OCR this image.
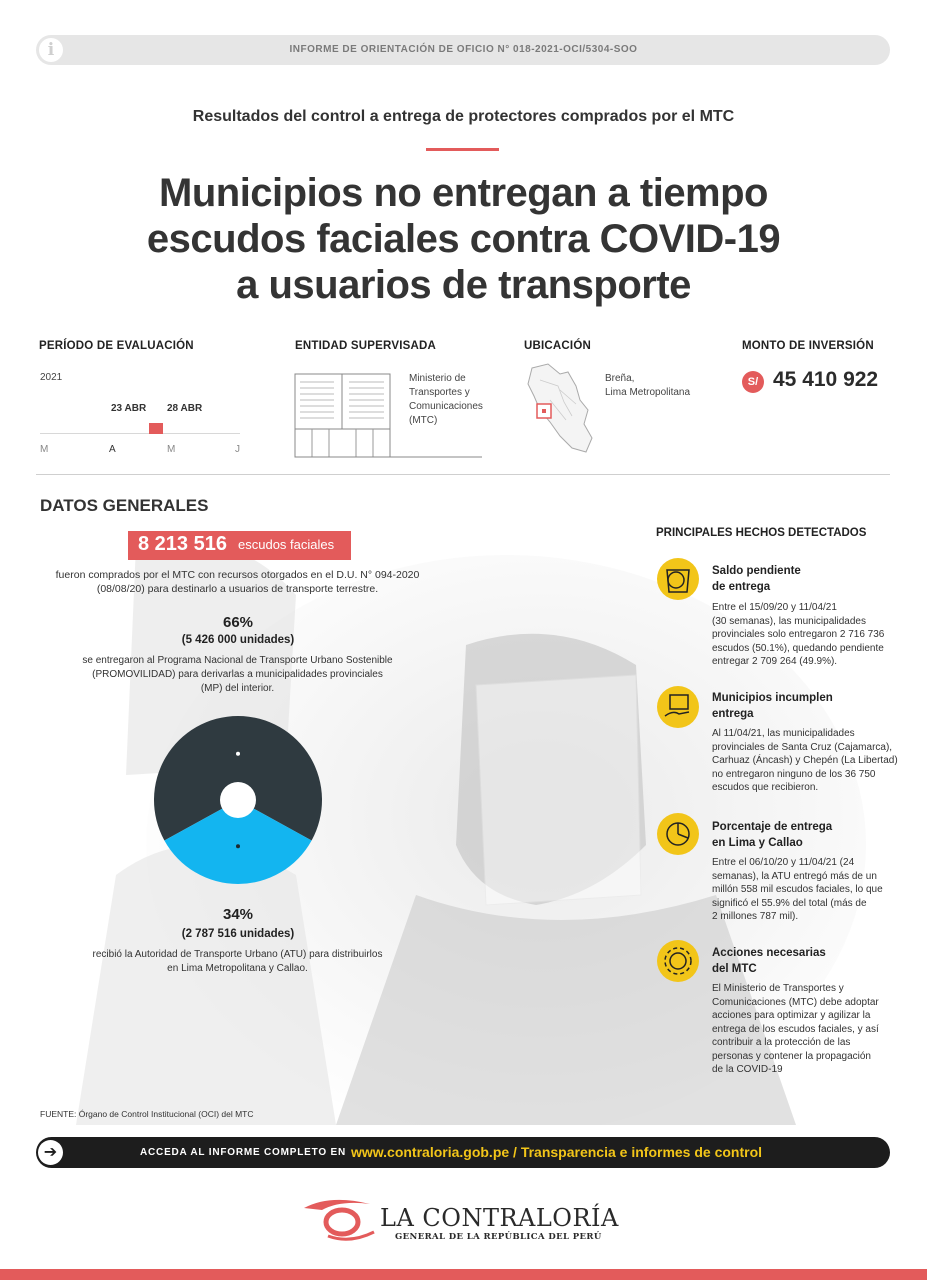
i	INFORME DE ORIENTACIÓN DE OFICIO N° 018-2021-OCI/5304-SOO
Resultados del control a entrega de protectores comprados por el MTC
Municipios no entregan a tiempo
escudos faciales contra COVID-19
a usuarios de transporte
PERÍODO DE EVALUACIÓN
2021
23 ABR 28 ABR
M	A	M	J
ENTIDAD SUPERVISADA
Ministerio de
Transportes y
Comunicaciones
(MTC)
UBICACIÓN
Breña,
Lima Metropolitana
MONTO DE INVERSIÓN
S/ 45 410 922
DATOS GENERALES
8 213 516 escudos faciales
fueron comprados por el MTC con recursos otorgados en el D.U. N° 094-2020
(08/08/20) para destinarlo a usuarios de transporte terrestre.
66%
(5 426 000 unidades)
se entregaron al Programa Nacional de Transporte Urbano Sostenible
(PROMOVILIDAD) para derivarlas a municipalidades provinciales
(MP) del interior.
34%
(2 787 516 unidades)
recibió la Autoridad de Transporte Urbano (ATU) para distribuirlos
en Lima Metropolitana y Callao.
FUENTE: Órgano de Control Institucional (OCI) del MTC
PRINCIPALES HECHOS DETECTADOS
Saldo pendiente
de entrega
Entre el 15/09/20 y 11/04/21
(30 semanas), las municipalidades
provinciales solo entregaron 2 716 736
escudos (50.1%), quedando pendiente
entregar 2 709 264 (49.9%).
Municipios incumplen
entrega
Al 11/04/21, las municipalidades
provinciales de Santa Cruz (Cajamarca),
Carhuaz (Áncash) y Chepén (La Libertad)
no entregaron ninguno de los 36 750
escudos que recibieron.
Porcentaje de entrega
en Lima y Callao
Entre el 06/10/20 y 11/04/21 (24
semanas), la ATU entregó más de un
millón 558 mil escudos faciales, lo que
significó el 55.9% del total (más de
2 millones 787 mil).
Acciones necesarias
del MTC
El Ministerio de Transportes y
Comunicaciones (MTC) debe adoptar
acciones para optimizar y agilizar la
entrega de los escudos faciales, y así
contribuir a la protección de las
personas y contener la propagación
de la COVID-19
➔	ACCEDA AL INFORME COMPLETO EN www.contraloria.gob.pe / Transparencia e informes de control
LA CONTRALORÍA
GENERAL DE LA REPÚBLICA DEL PERÚ
